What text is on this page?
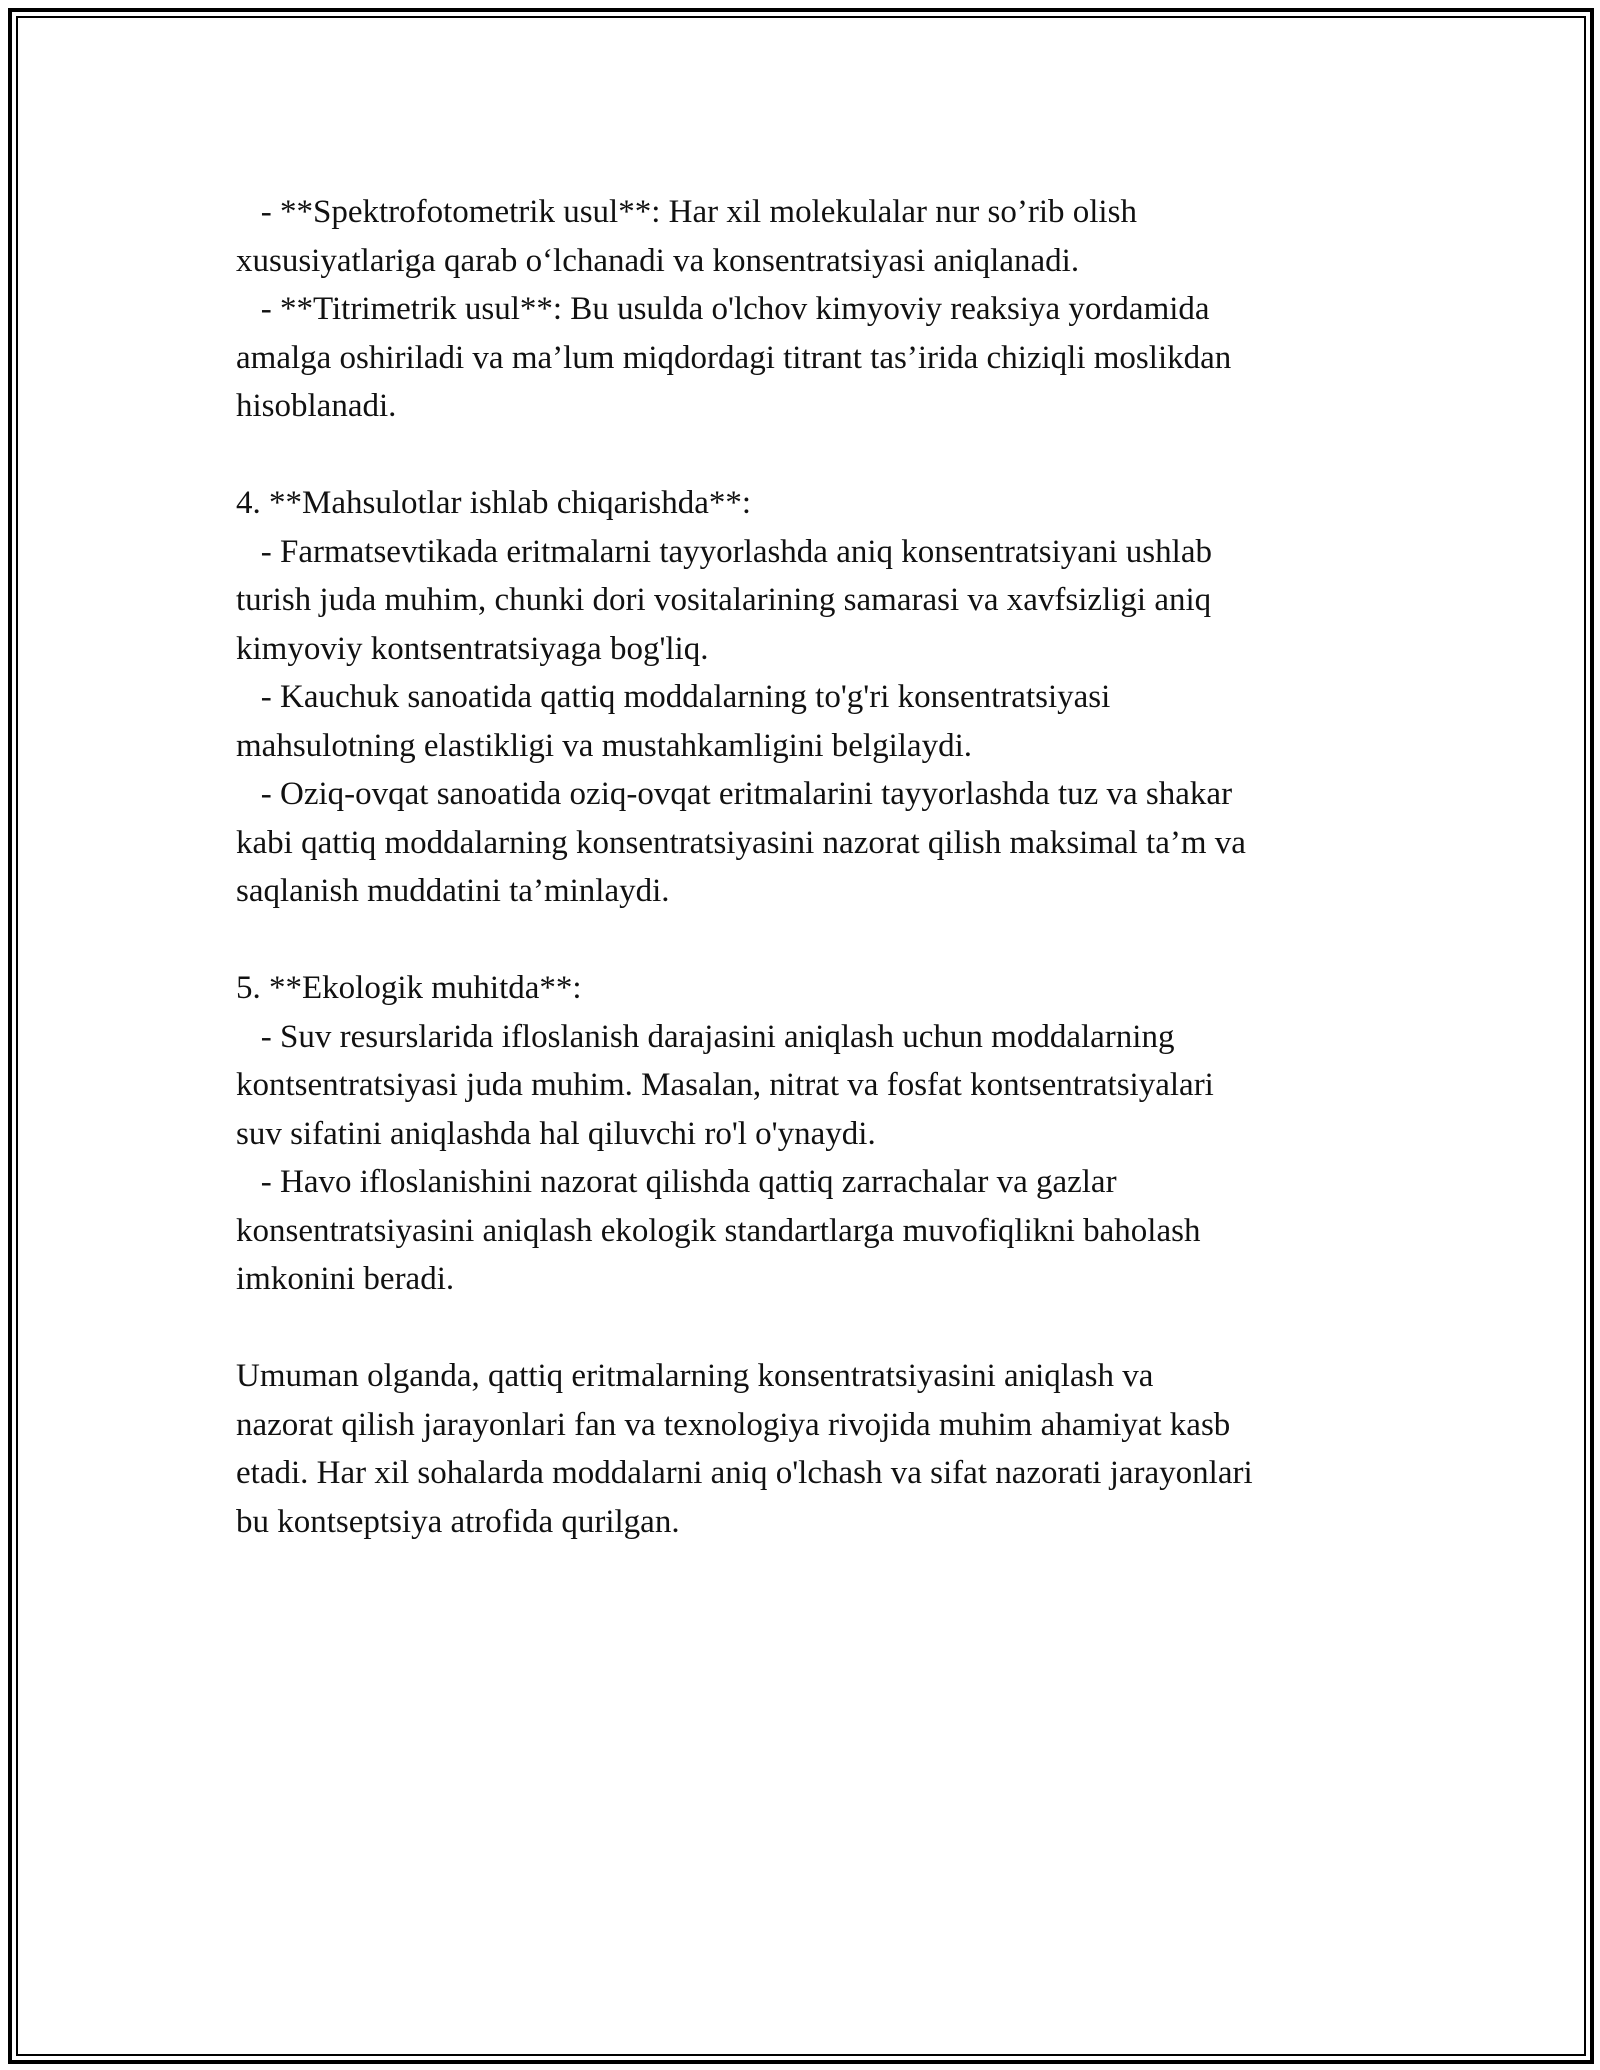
- **Spektrofotometrik usul**: Har xil molekulalar nur so’rib olish

xususiyatlariga qarab o‘lchanadi va konsentratsiyasi aniqlanadi.

- **Titrimetrik usul**: Bu usulda o'lchov kimyoviy reaksiya yordamida

amalga oshiriladi va ma’lum miqdordagi titrant tas’irida chiziqli moslikdan

hisoblanadi.

4. **Mahsulotlar ishlab chiqarishda**:

- Farmatsevtikada eritmalarni tayyorlashda aniq konsentratsiyani ushlab

turish juda muhim, chunki dori vositalarining samarasi va xavfsizligi aniq

kimyoviy kontsentratsiyaga bog'liq.

- Kauchuk sanoatida qattiq moddalarning to'g'ri konsentratsiyasi

mahsulotning elastikligi va mustahkamligini belgilaydi.

- Oziq-ovqat sanoatida oziq-ovqat eritmalarini tayyorlashda tuz va shakar

kabi qattiq moddalarning konsentratsiyasini nazorat qilish maksimal ta’m va

saqlanish muddatini ta’minlaydi.

5. **Ekologik muhitda**:

- Suv resurslarida ifloslanish darajasini aniqlash uchun moddalarning

kontsentratsiyasi juda muhim. Masalan, nitrat va fosfat kontsentratsiyalari

suv sifatini aniqlashda hal qiluvchi ro'l o'ynaydi.

- Havo ifloslanishini nazorat qilishda qattiq zarrachalar va gazlar

konsentratsiyasini aniqlash ekologik standartlarga muvofiqlikni baholash

imkonini beradi.

Umuman olganda, qattiq eritmalarning konsentratsiyasini aniqlash va

nazorat qilish jarayonlari fan va texnologiya rivojida muhim ahamiyat kasb

etadi. Har xil sohalarda moddalarni aniq o'lchash va sifat nazorati jarayonlari

bu kontseptsiya atrofida qurilgan.
